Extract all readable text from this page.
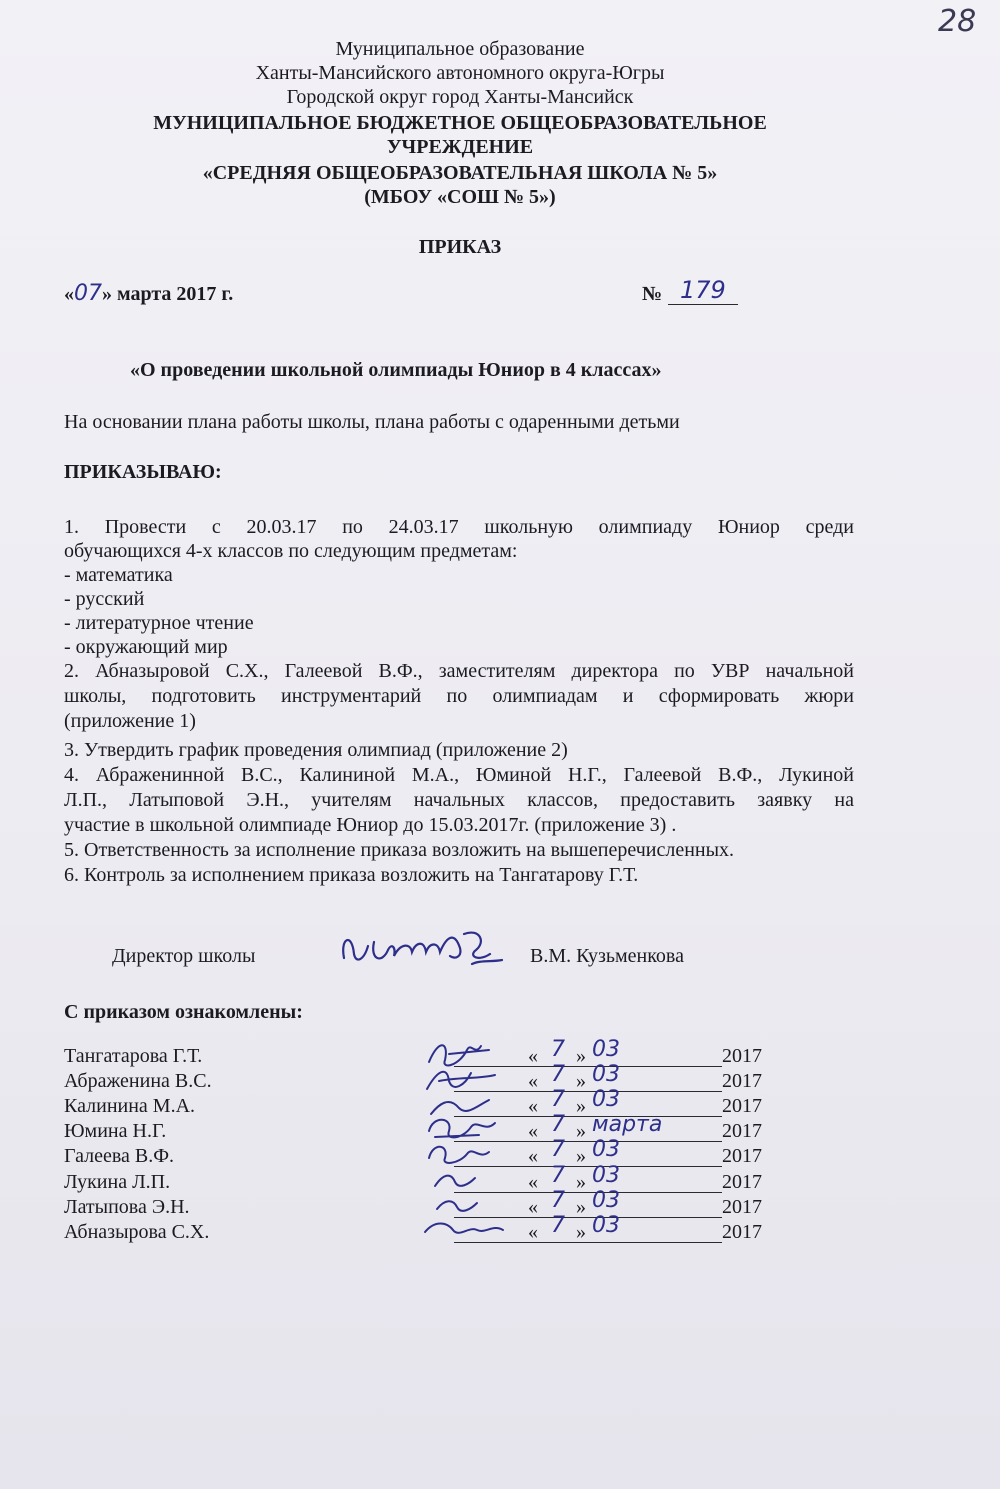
28
Муниципальное образование
Ханты-Мансийского автономного округа-Югры
Городской округ город Ханты-Мансийск
МУНИЦИПАЛЬНОЕ БЮДЖЕТНОЕ ОБЩЕОБРАЗОВАТЕЛЬНОЕ
УЧРЕЖДЕНИЕ
«СРЕДНЯЯ ОБЩЕОБРАЗОВАТЕЛЬНАЯ ШКОЛА № 5»
(МБОУ «СОШ № 5»)
ПРИКАЗ
«07» марта 2017 г.	№ 179
«О проведении школьной олимпиады Юниор в 4 классах»
На основании плана работы школы, плана работы с одаренными детьми
ПРИКАЗЫВАЮ:
1. Провести с 20.03.17 по 24.03.17 школьную олимпиаду Юниор среди
обучающихся 4-х классов по следующим предметам:
- математика
- русский
- литературное чтение
- окружающий мир
2. Абназыровой С.Х., Галеевой В.Ф., заместителям директора по УВР начальной
школы, подготовить инструментарий по олимпиадам и сформировать жюри
(приложение 1)
3. Утвердить график проведения олимпиад (приложение 2)
4. Абраженинной В.С., Калининой М.А., Юминой Н.Г., Галеевой В.Ф., Лукиной
Л.П., Латыповой Э.Н., учителям начальных классов, предоставить заявку на
участие в школьной олимпиаде Юниор до 15.03.2017г. (приложение 3) .
5. Ответственность за исполнение приказа возложить на вышеперечисленных.
6. Контроль за исполнением приказа возложить на Тангатарову Г.Т.
Директор школы	В.М. Кузьменкова
С приказом ознакомлены:
Тангатарова Г.Т.	« 7 » 03	2017
Абраженина В.С.	« 7 » 03	2017
Калинина М.А.	« 7 » 03	2017
Юмина Н.Г.	« 7 » марта	2017
Галеева В.Ф.	« 7 » 03	2017
Лукина Л.П.	« 7 » 03	2017
Латыпова Э.Н.	« 7 » 03	2017
Абназырова С.Х.	« 7 » 03	2017
